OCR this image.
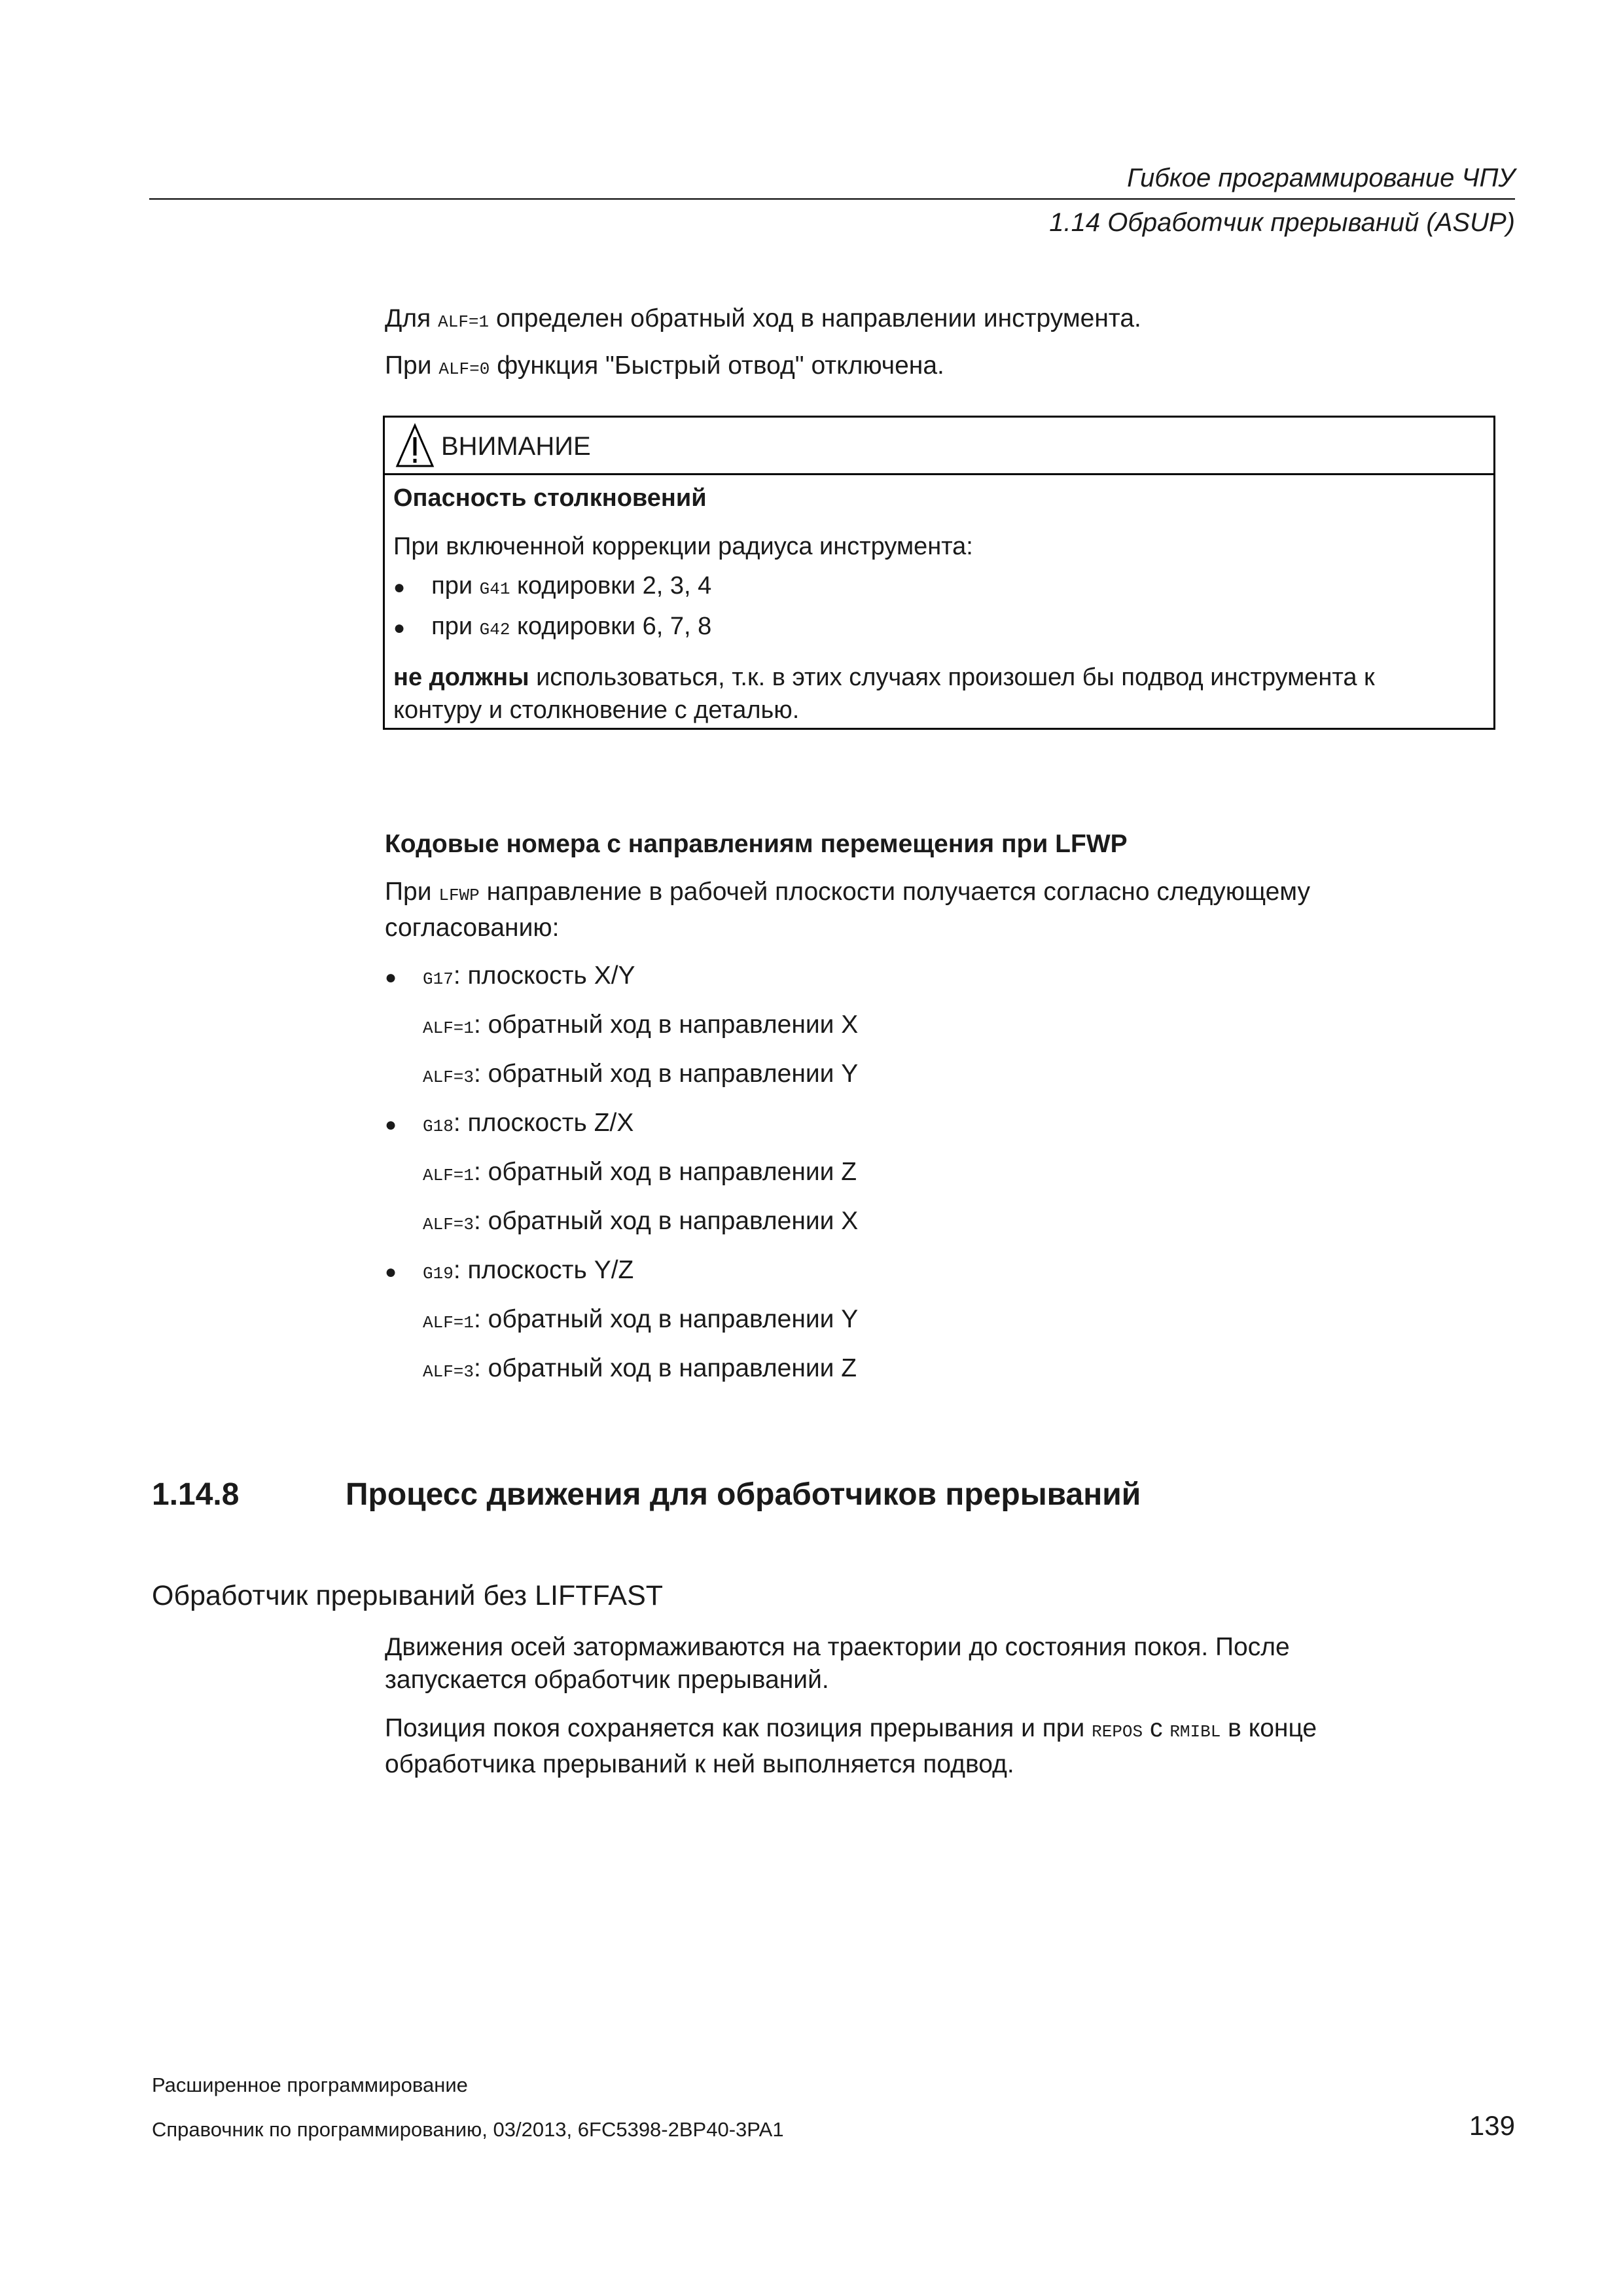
Гибкое программирование ЧПУ
1.14 Обработчик прерываний (ASUP)
Для ALF=1 определен обратный ход в направлении инструмента.
При ALF=0 функция "Быстрый отвод" отключена.
ВНИМАНИЕ
Опасность столкновений
При включенной коррекции радиуса инструмента:
● при G41 кодировки 2, 3, 4
● при G42 кодировки 6, 7, 8
не должны использоваться, т.к. в этих случаях произошел бы подвод инструмента к
контуру и столкновение с деталью.
Кодовые номера с направлениям перемещения при LFWP
При LFWP направление в рабочей плоскости получается согласно следующему
согласованию:
● G17: плоскость X/Y
ALF=1: обратный ход в направлении X
ALF=3: обратный ход в направлении Y
● G18: плоскость Z/X
ALF=1: обратный ход в направлении Z
ALF=3: обратный ход в направлении X
● G19: плоскость Y/Z
ALF=1: обратный ход в направлении Y
ALF=3: обратный ход в направлении Z
1.14.8	Процесс движения для обработчиков прерываний
Обработчик прерываний без LIFTFAST
Движения осей затормаживаются на траектории до состояния покоя. После
запускается обработчик прерываний.
Позиция покоя сохраняется как позиция прерывания и при REPOS с RMIBL в конце
обработчика прерываний к ней выполняется подвод.
Расширенное программирование
Справочник по программированию, 03/2013, 6FC5398-2BP40-3PA1	139
